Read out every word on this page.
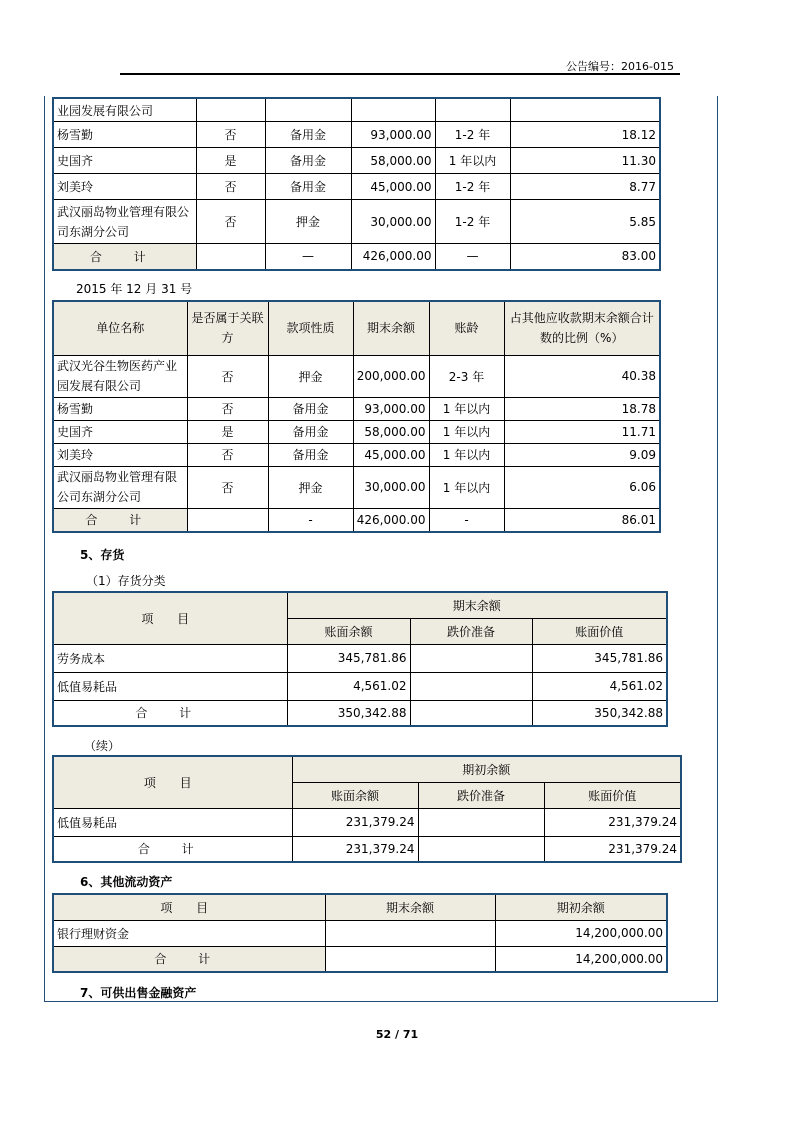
公告编号：2016-015
业园发展有限公司					
杨雪勤	否	备用金	93,000.00	1-2 年	18.12
史国齐	是	备用金	58,000.00	1 年以内	11.30
刘美玲	否	备用金	45,000.00	1-2 年	8.77
武汉丽岛物业管理有限公司东湖分公司	否	押金	30,000.00	1-2 年	5.85
合 计		—	426,000.00	—	83.00
2015 年 12 月 31 号
单位名称	是否属于关联方	款项性质	期末余额	账龄	占其他应收款期末余额合计数的比例（%）
武汉光谷生物医药产业园发展有限公司	否	押金	200,000.00	2-3 年	40.38
杨雪勤	否	备用金	93,000.00	1 年以内	18.78
史国齐	是	备用金	58,000.00	1 年以内	11.71
刘美玲	否	备用金	45,000.00	1 年以内	9.09
武汉丽岛物业管理有限公司东湖分公司	否	押金	30,000.00	1 年以内	6.06
合 计		-	426,000.00	-	86.01
5、存货
（1）存货分类
项 目	期末余额		
	账面余额	跌价准备	账面价值
劳务成本	345,781.86		345,781.86
低值易耗品	4,561.02		4,561.02
合 计	350,342.88		350,342.88
（续）
项 目	期初余额		
	账面余额	跌价准备	账面价值
低值易耗品	231,379.24		231,379.24
合 计	231,379.24		231,379.24
6、其他流动资产
项 目	期末余额	期初余额
银行理财资金		14,200,000.00
合 计		14,200,000.00
7、可供出售金融资产
52 / 71
